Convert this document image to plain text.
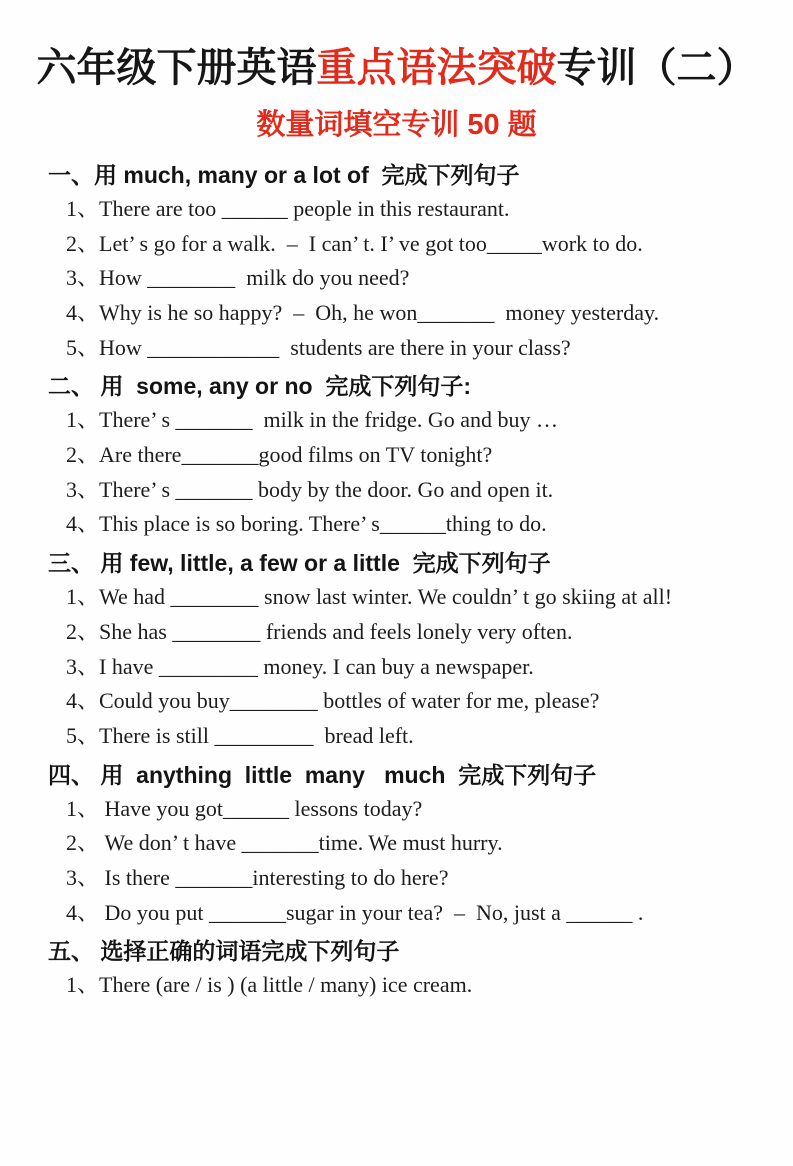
六年级下册英语重点语法突破专训（二）
数量词填空专训 50 题
一、用 much, many or a lot of  完成下列句子
1、There are too ______ people in this restaurant.
2、Let’ s go for a walk.  –  I can’ t. I’ ve got too_____work to do.
3、How ________  milk do you need?
4、Why is he so happy?  –  Oh, he won_______  money yesterday.
5、How ____________  students are there in your class?
二、 用  some, any or no  完成下列句子:
1、There’ s _______  milk in the fridge. Go and buy …
2、Are there_______good films on TV tonight?
3、There’ s _______ body by the door. Go and open it.
4、This place is so boring. There’ s______thing to do.
三、 用 few, little, a few or a little  完成下列句子
1、We had ________ snow last winter. We couldn’ t go skiing at all!
2、She has ________ friends and feels lonely very often.
3、I have _________ money. I can buy a newspaper.
4、Could you buy________ bottles of water for me, please?
5、There is still _________  bread left.
四、 用  anything  little  many   much  完成下列句子
1、 Have you got______ lessons today?
2、 We don’ t have _______time. We must hurry.
3、 Is there _______interesting to do here?
4、 Do you put _______sugar in your tea?  –  No, just a ______ .
五、 选择正确的词语完成下列句子
1、There (are / is ) (a little / many) ice cream.
